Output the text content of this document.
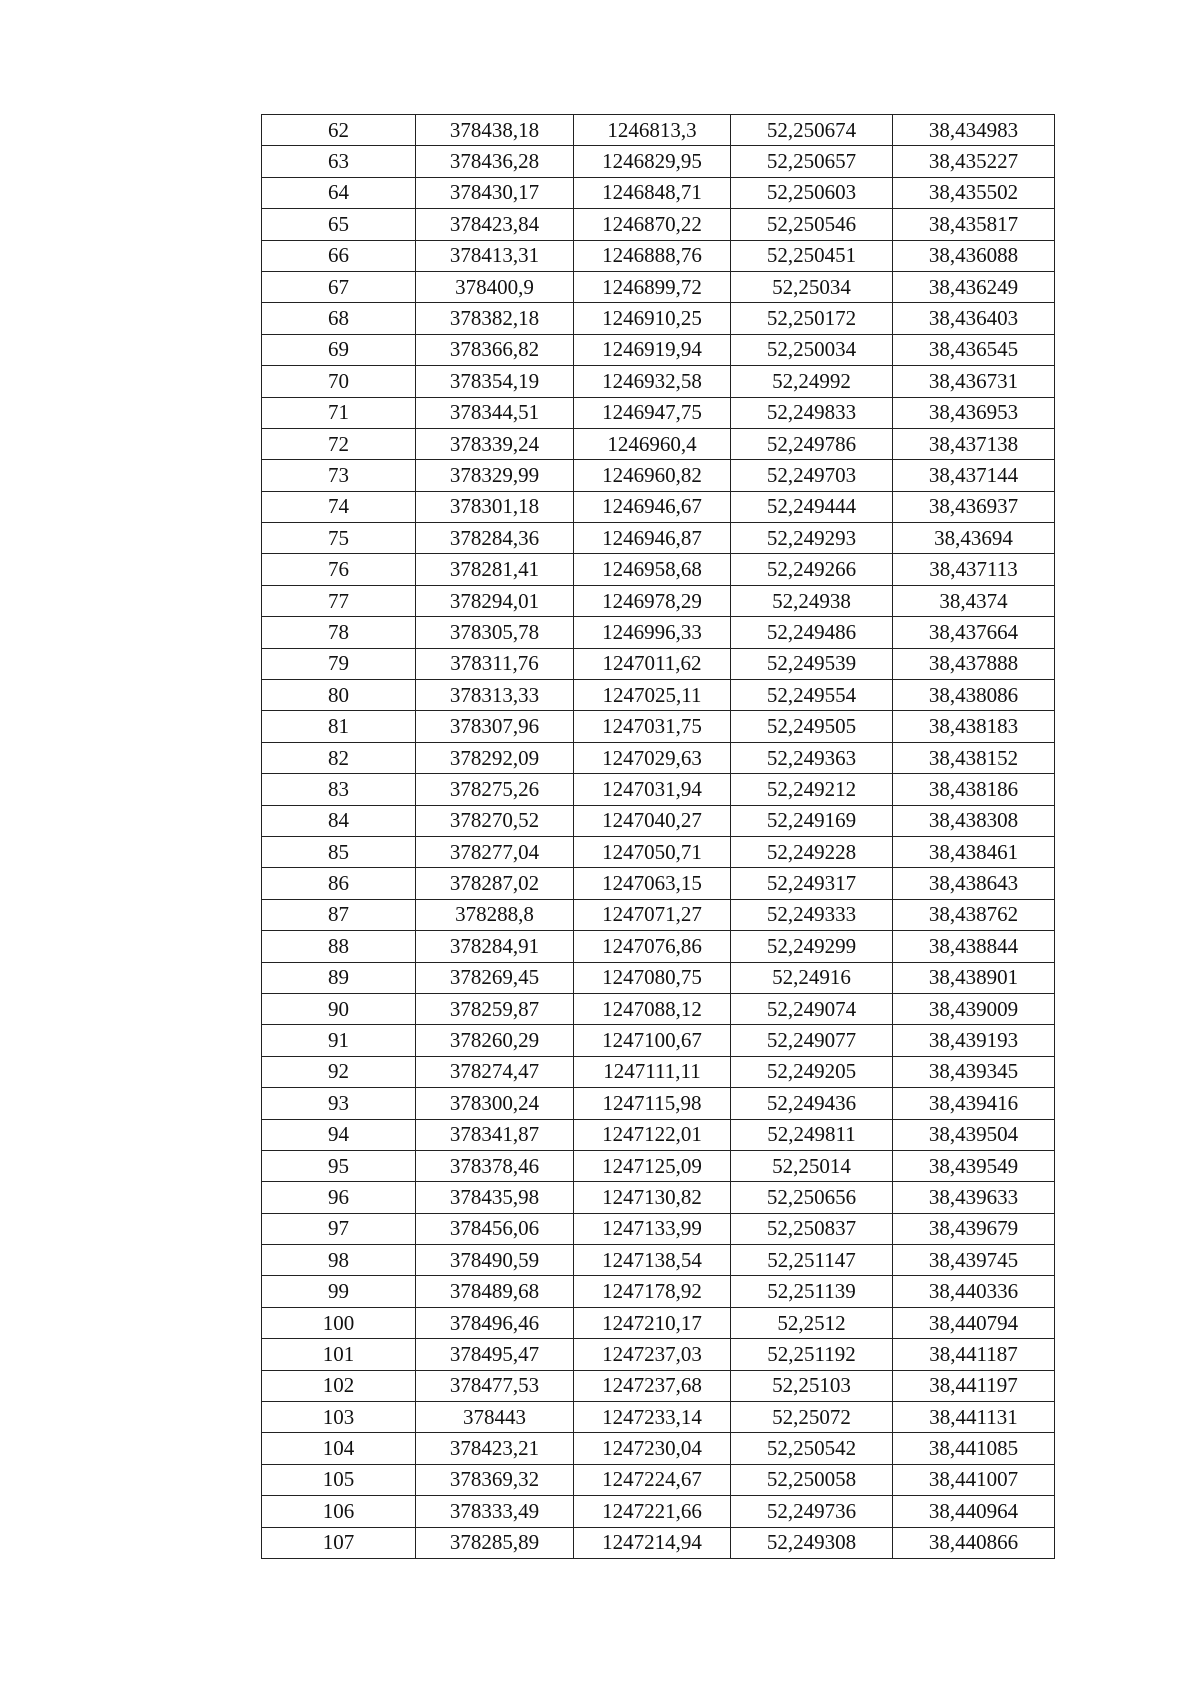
62	378438,18	1246813,3	52,250674	38,434983
63	378436,28	1246829,95	52,250657	38,435227
64	378430,17	1246848,71	52,250603	38,435502
65	378423,84	1246870,22	52,250546	38,435817
66	378413,31	1246888,76	52,250451	38,436088
67	378400,9	1246899,72	52,25034	38,436249
68	378382,18	1246910,25	52,250172	38,436403
69	378366,82	1246919,94	52,250034	38,436545
70	378354,19	1246932,58	52,24992	38,436731
71	378344,51	1246947,75	52,249833	38,436953
72	378339,24	1246960,4	52,249786	38,437138
73	378329,99	1246960,82	52,249703	38,437144
74	378301,18	1246946,67	52,249444	38,436937
75	378284,36	1246946,87	52,249293	38,43694
76	378281,41	1246958,68	52,249266	38,437113
77	378294,01	1246978,29	52,24938	38,4374
78	378305,78	1246996,33	52,249486	38,437664
79	378311,76	1247011,62	52,249539	38,437888
80	378313,33	1247025,11	52,249554	38,438086
81	378307,96	1247031,75	52,249505	38,438183
82	378292,09	1247029,63	52,249363	38,438152
83	378275,26	1247031,94	52,249212	38,438186
84	378270,52	1247040,27	52,249169	38,438308
85	378277,04	1247050,71	52,249228	38,438461
86	378287,02	1247063,15	52,249317	38,438643
87	378288,8	1247071,27	52,249333	38,438762
88	378284,91	1247076,86	52,249299	38,438844
89	378269,45	1247080,75	52,24916	38,438901
90	378259,87	1247088,12	52,249074	38,439009
91	378260,29	1247100,67	52,249077	38,439193
92	378274,47	1247111,11	52,249205	38,439345
93	378300,24	1247115,98	52,249436	38,439416
94	378341,87	1247122,01	52,249811	38,439504
95	378378,46	1247125,09	52,25014	38,439549
96	378435,98	1247130,82	52,250656	38,439633
97	378456,06	1247133,99	52,250837	38,439679
98	378490,59	1247138,54	52,251147	38,439745
99	378489,68	1247178,92	52,251139	38,440336
100	378496,46	1247210,17	52,2512	38,440794
101	378495,47	1247237,03	52,251192	38,441187
102	378477,53	1247237,68	52,25103	38,441197
103	378443	1247233,14	52,25072	38,441131
104	378423,21	1247230,04	52,250542	38,441085
105	378369,32	1247224,67	52,250058	38,441007
106	378333,49	1247221,66	52,249736	38,440964
107	378285,89	1247214,94	52,249308	38,440866
